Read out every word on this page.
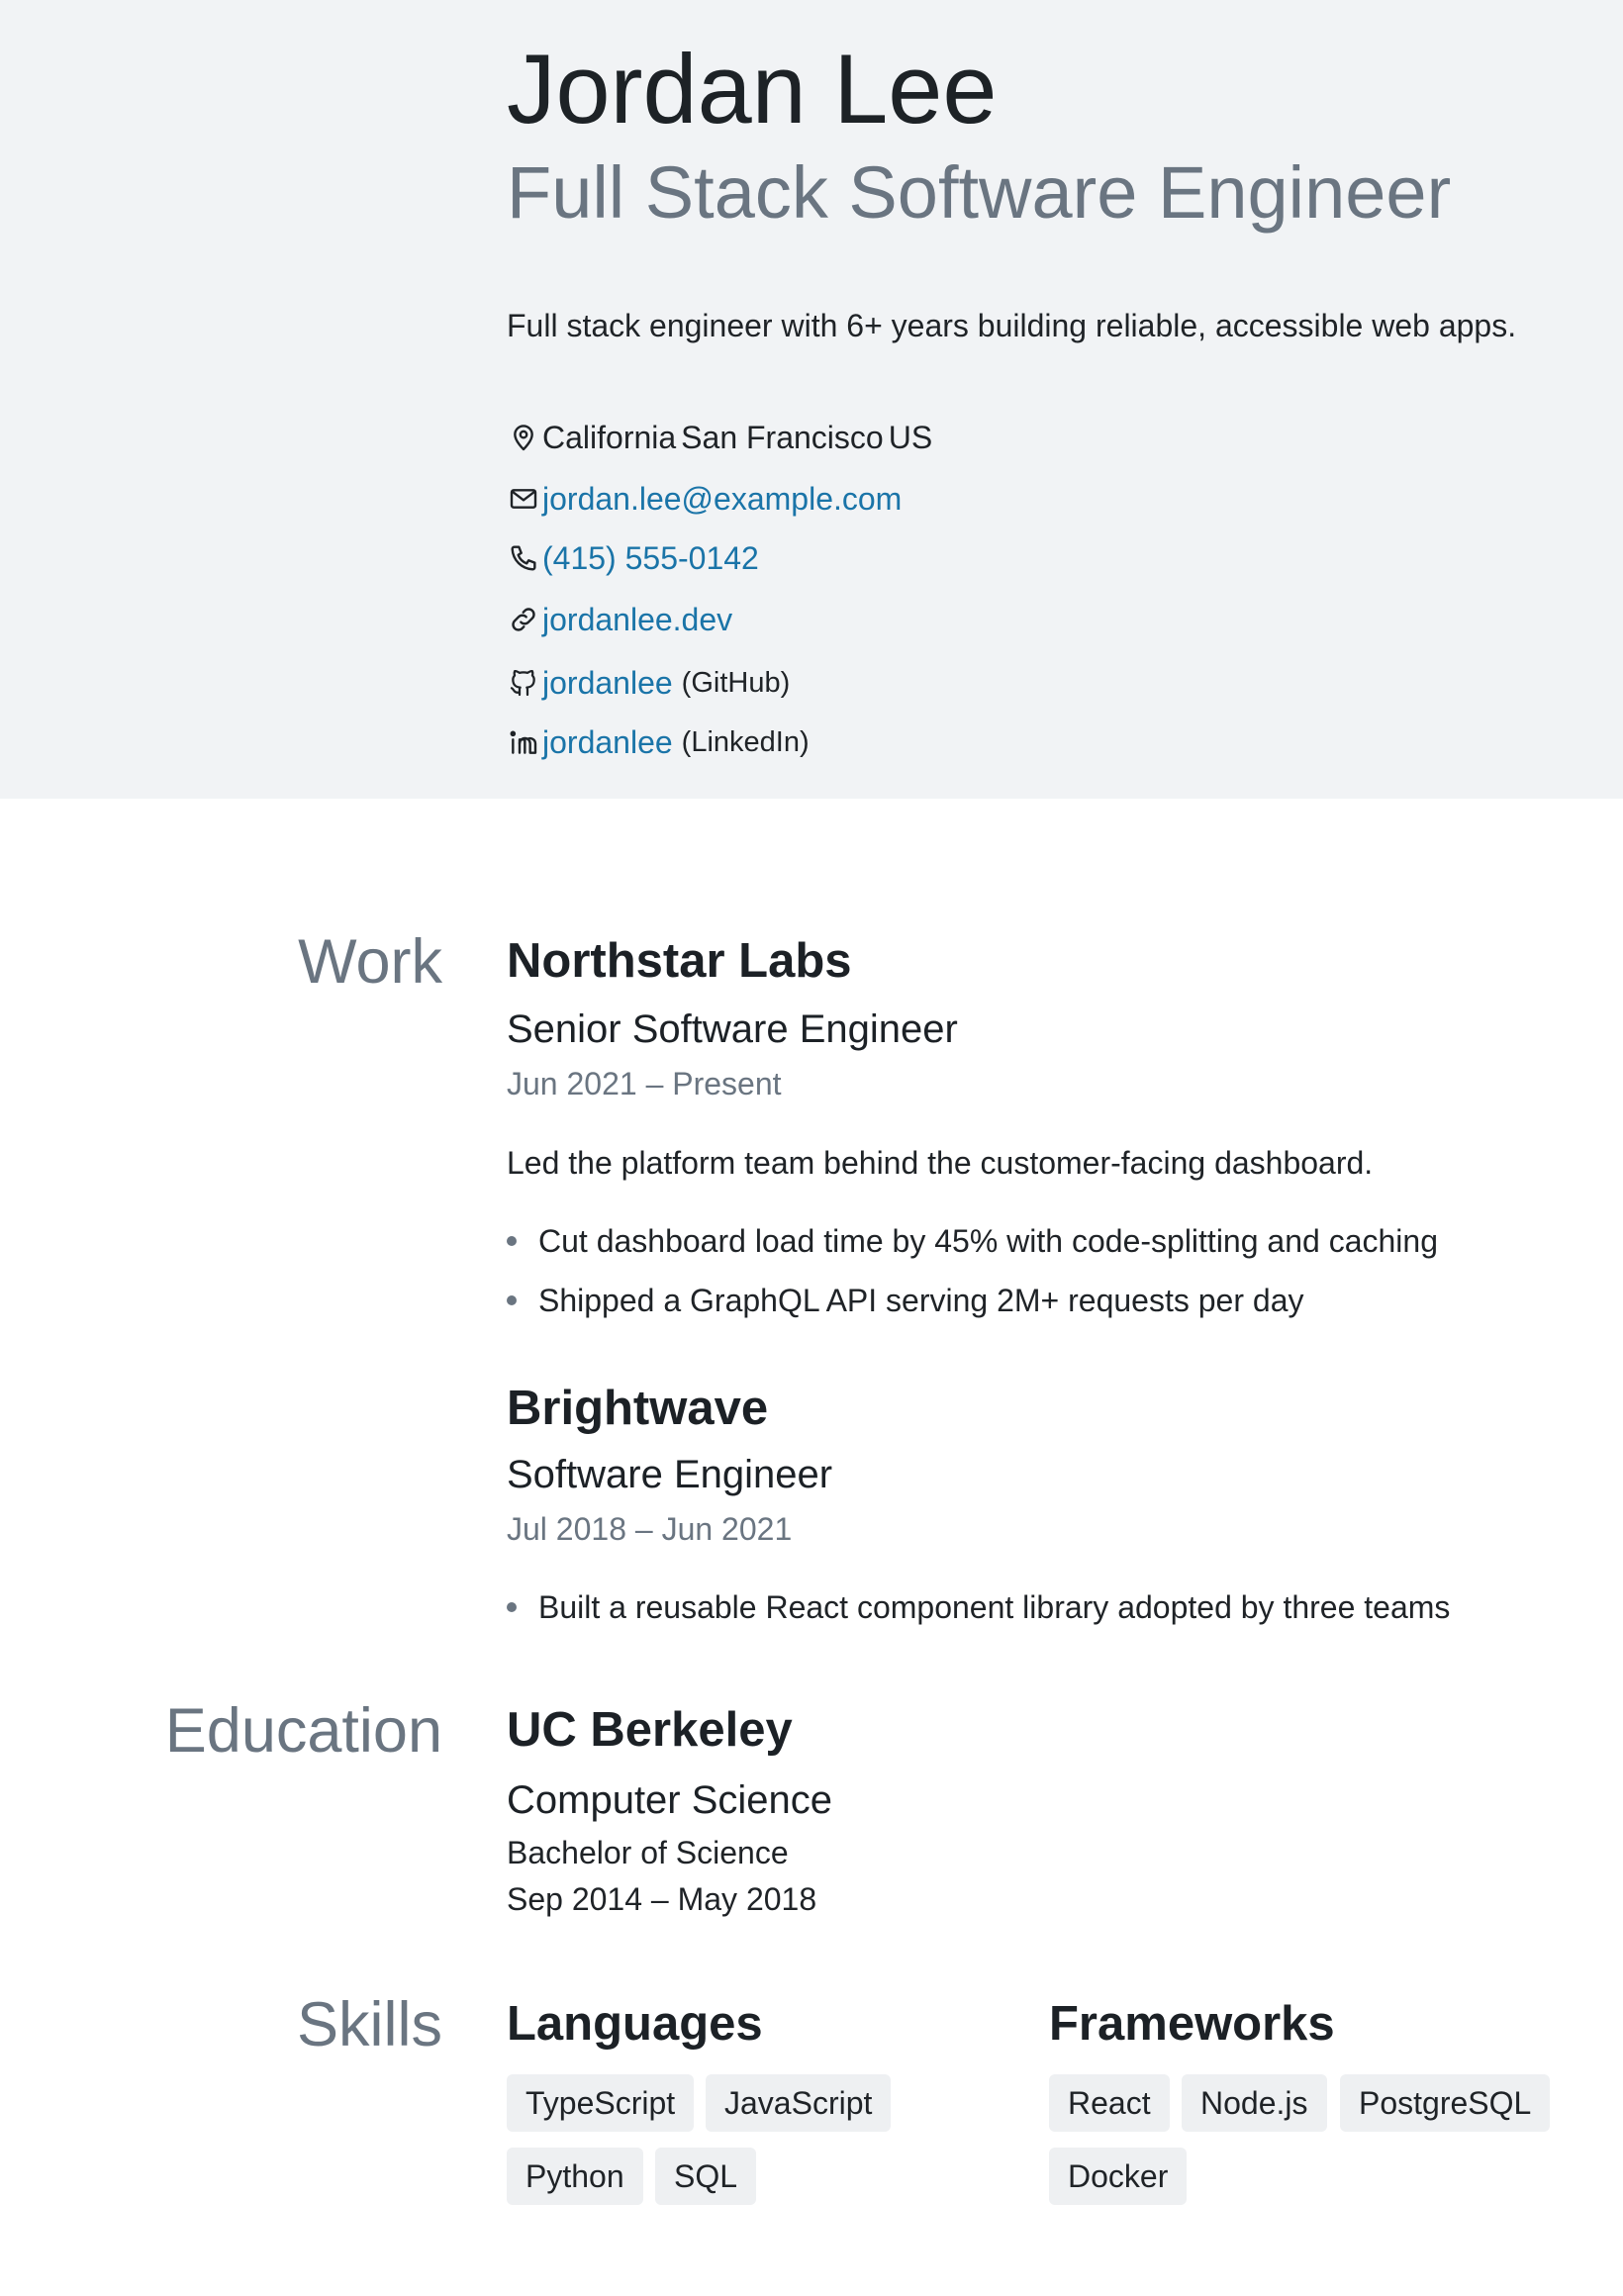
Jordan Lee
Full Stack Software Engineer

Full stack engineer with 6+ years building reliable, accessible web apps.

California San Francisco US
jordan.lee@example.com
(415) 555-0142
jordanlee.dev
jordanlee (GitHub)
jordanlee (LinkedIn)
Work Northstar Labs
Senior Software Engineer
Jun 2021 – Present

Led the platform team behind the customer-facing dashboard.

Cut dashboard load time by 45% with code-splitting and caching
Shipped a GraphQL API serving 2M+ requests per day
Brightwave
Software Engineer
Jul 2018 – Jun 2021
Built a reusable React component library adopted by three teams
Education UC Berkeley
Computer Science
Bachelor of Science
Sep 2014 – May 2018
Skills Languages
TypeScript	JavaScript
Python	SQL
Frameworks
React	Node.js	PostgreSQL
Docker
